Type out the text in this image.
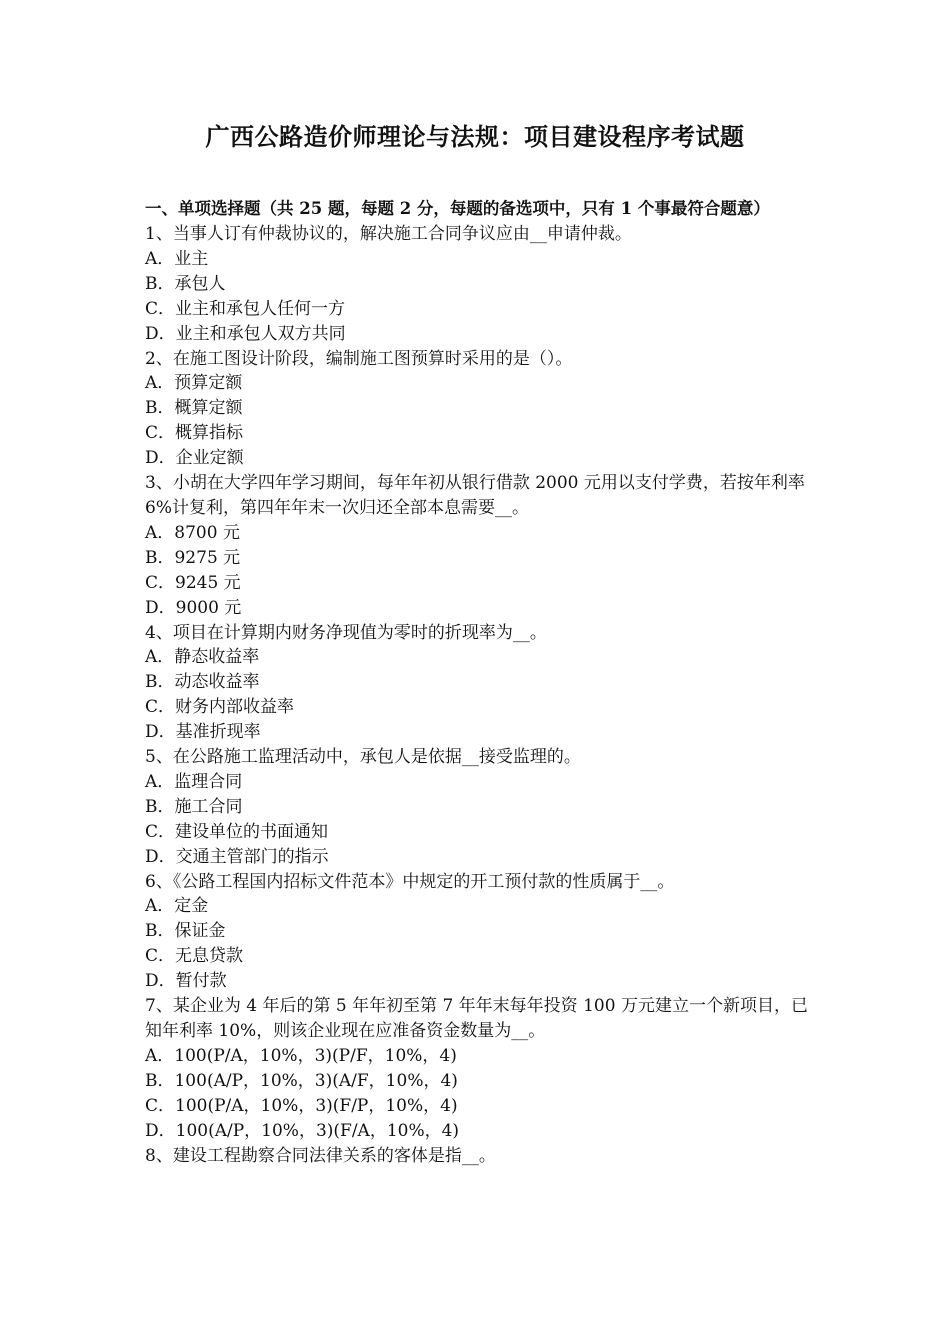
广西公路造价师理论与法规：项目建设程序考试题
一、单项选择题（共 25 题，每题 2 分，每题的备选项中，只有 1 个事最符合题意）
1、当事人订有仲裁协议的，解决施工合同争议应由__申请仲裁。
A．业主
B．承包人
C．业主和承包人任何一方
D．业主和承包人双方共同
2、在施工图设计阶段，编制施工图预算时采用的是（）。
A．预算定额
B．概算定额
C．概算指标
D．企业定额
3、小胡在大学四年学习期间，每年年初从银行借款 2000 元用以支付学费，若按年利率 6%计复利，第四年年末一次归还全部本息需要__。
A．8700 元
B．9275 元
C．9245 元
D．9000 元
4、项目在计算期内财务净现值为零时的折现率为__。
A．静态收益率
B．动态收益率
C．财务内部收益率
D．基准折现率
5、在公路施工监理活动中，承包人是依据__接受监理的。
A．监理合同
B．施工合同
C．建设单位的书面通知
D．交通主管部门的指示
6、《公路工程国内招标文件范本》中规定的开工预付款的性质属于__。
A．定金
B．保证金
C．无息贷款
D．暂付款
7、某企业为 4 年后的第 5 年年初至第 7 年年末每年投资 100 万元建立一个新项目，已知年利率 10%，则该企业现在应准备资金数量为__。
A．100(P/A，10%，3)(P/F，10%，4)
B．100(A/P，10%，3)(A/F，10%，4)
C．100(P/A，10%，3)(F/P，10%，4)
D．100(A/P，10%，3)(F/A，10%，4)
8、建设工程勘察合同法律关系的客体是指__。
